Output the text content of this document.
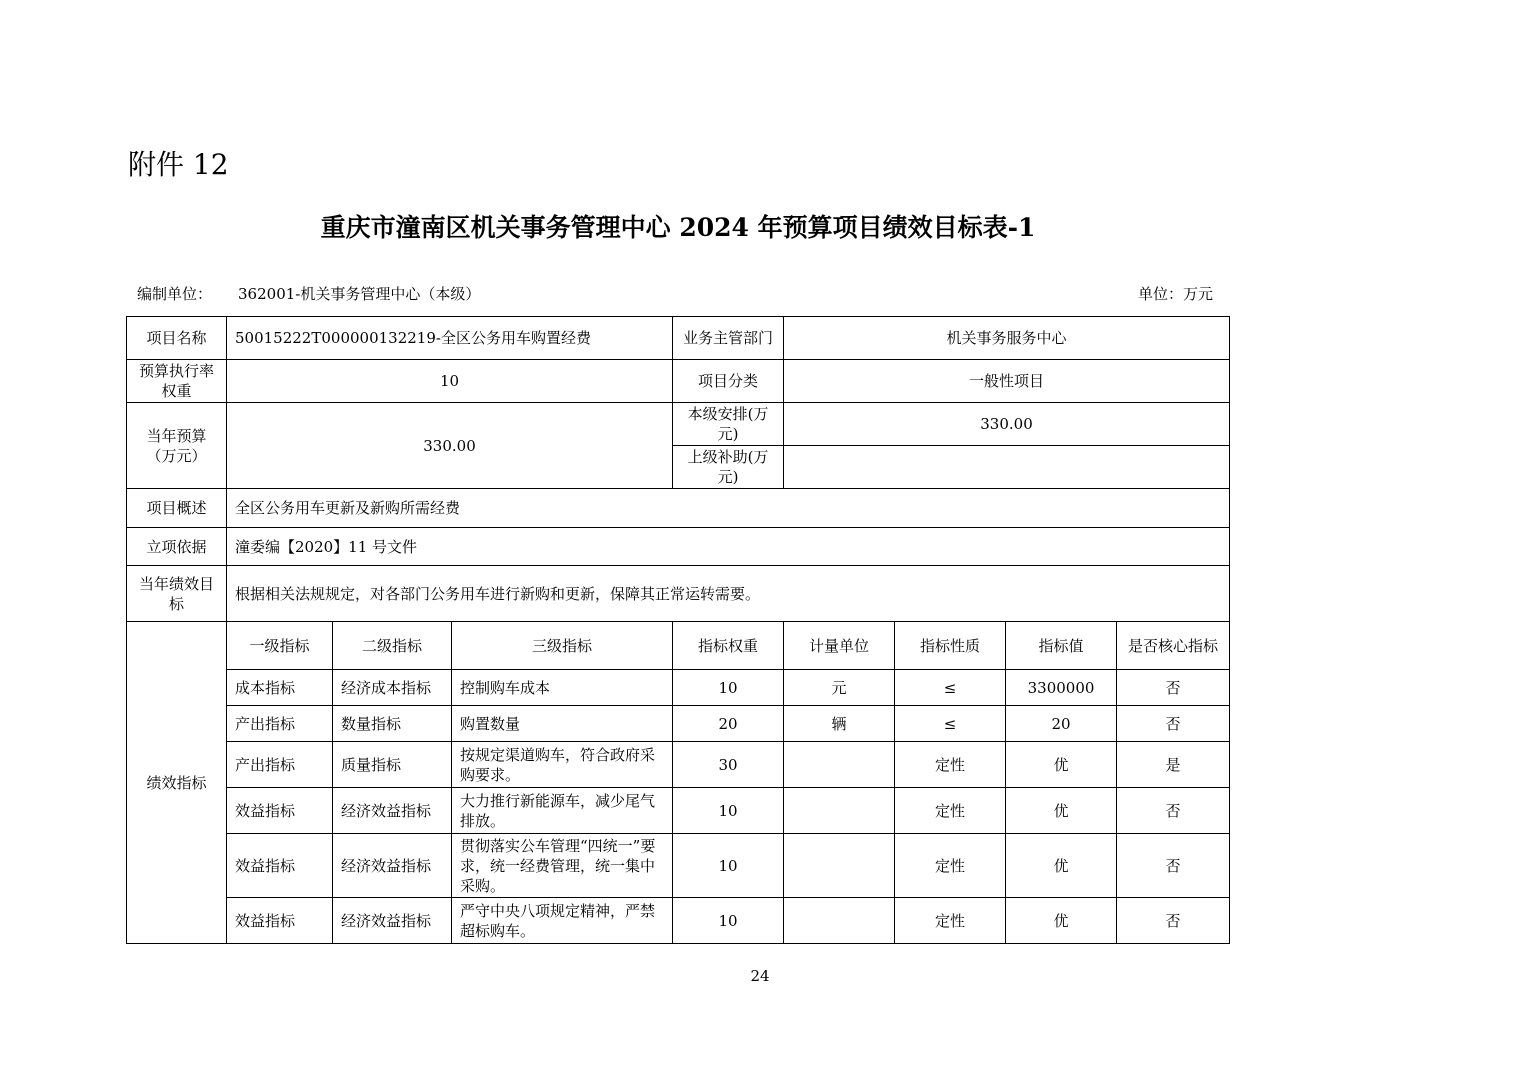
附件 12
重庆市潼南区机关事务管理中心 2024 年预算项目绩效目标表-1
编制单位： 362001-机关事务管理中心（本级）	单位：万元
项目名称	50015222T000000132219-全区公务用车购置经费			业务主管部门	机关事务服务中心			
预算执行率权重	10			项目分类	一般性项目			
当年预算（万元）	330.00			本级安排(万元)	330.00			
				上级补助(万元)				
项目概述	全区公务用车更新及新购所需经费							
立项依据	潼委编【2020】11 号文件							
当年绩效目标	根据相关法规规定，对各部门公务用车进行新购和更新，保障其正常运转需要。							
绩效指标	一级指标	二级指标	三级指标	指标权重	计量单位	指标性质	指标值	是否核心指标
	成本指标	经济成本指标	控制购车成本	10	元	≤	3300000	否
	产出指标	数量指标	购置数量	20	辆	≤	20	否
	产出指标	质量指标	按规定渠道购车，符合政府采购要求。	30		定性	优	是
	效益指标	经济效益指标	大力推行新能源车，减少尾气排放。	10		定性	优	否
	效益指标	经济效益指标	贯彻落实公车管理“四统一”要求，统一经费管理，统一集中采购。	10		定性	优	否
	效益指标	经济效益指标	严守中央八项规定精神，严禁超标购车。	10		定性	优	否
24
